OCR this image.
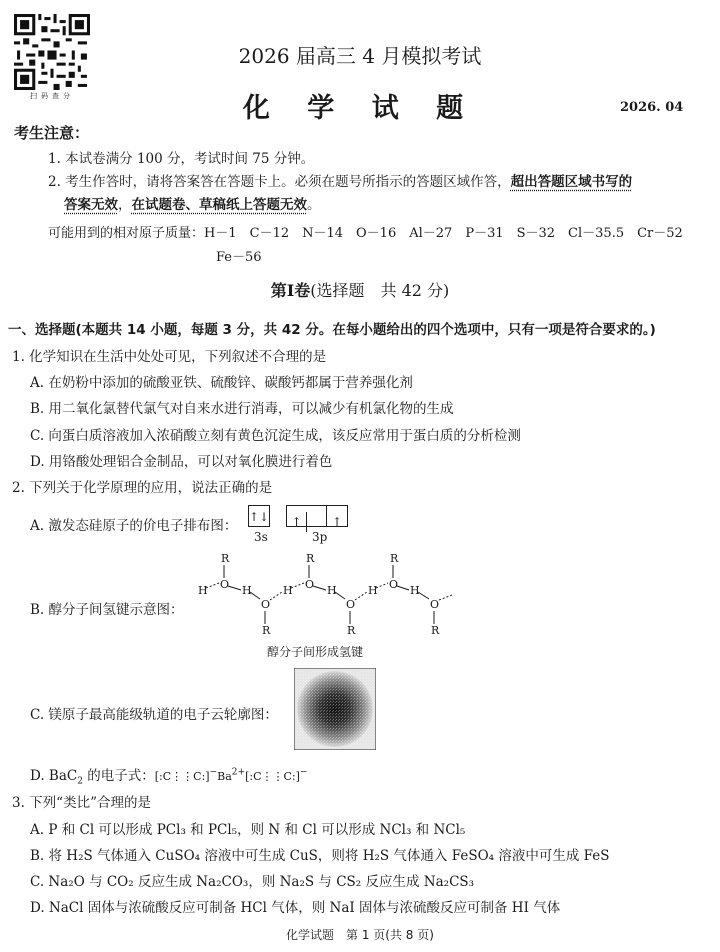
扫码查分
2026 届高三 4 月模拟考试
化 学 试 题	2026. 04
考生注意：
1. 本试卷满分 100 分，考试时间 75 分钟。
2. 考生作答时，请将答案答在答题卡上。必须在题号所指示的答题区域作答，超出答题区域书写的
答案无效，在试题卷、草稿纸上答题无效。
可能用到的相对原子质量：H－1　C－12　N－14　O－16　Al－27　P－31　S－32　Cl－35.5　Cr－52
Fe－56
第Ⅰ卷(选择题　共 42 分)
一、选择题(本题共 14 小题，每题 3 分，共 42 分。在每小题给出的四个选项中，只有一项是符合要求的。)
1. 化学知识在生活中处处可见，下列叙述不合理的是
A. 在奶粉中添加的硫酸亚铁、硫酸锌、碳酸钙都属于营养强化剂
B. 用二氧化氯替代氯气对自来水进行消毒，可以减少有机氯化物的生成
C. 向蛋白质溶液加入浓硝酸立刻有黄色沉淀生成，该反应常用于蛋白质的分析检测
D. 用铬酸处理铝合金制品，可以对氧化膜进行着色
2. 下列关于化学原理的应用，说法正确的是
A. 激发态硅原子的价电子排布图：
↑↓	↑	↑
3s	3p
B. 醇分子间氢键示意图：
R
O
R
O
R
O
O
R
O
R
O
R
H	H	H	H	H	H
醇分子间形成氢键
C. 镁原子最高能级轨道的电子云轮廓图：
D. BaC$_2$ 的电子式：$[:C⋮⋮C:]^-Ba^{2+}[:C⋮⋮C:]^-$
3. 下列“类比”合理的是
A. P 和 Cl 可以形成 PCl₃ 和 PCl₅，则 N 和 Cl 可以形成 NCl₃ 和 NCl₅
B. 将 H₂S 气体通入 CuSO₄ 溶液中可生成 CuS，则将 H₂S 气体通入 FeSO₄ 溶液中可生成 FeS
C. Na₂O 与 CO₂ 反应生成 Na₂CO₃，则 Na₂S 与 CS₂ 反应生成 Na₂CS₃
D. NaCl 固体与浓硫酸反应可制备 HCl 气体，则 NaI 固体与浓硫酸反应可制备 HI 气体
化学试题　第 1 页(共 8 页)
